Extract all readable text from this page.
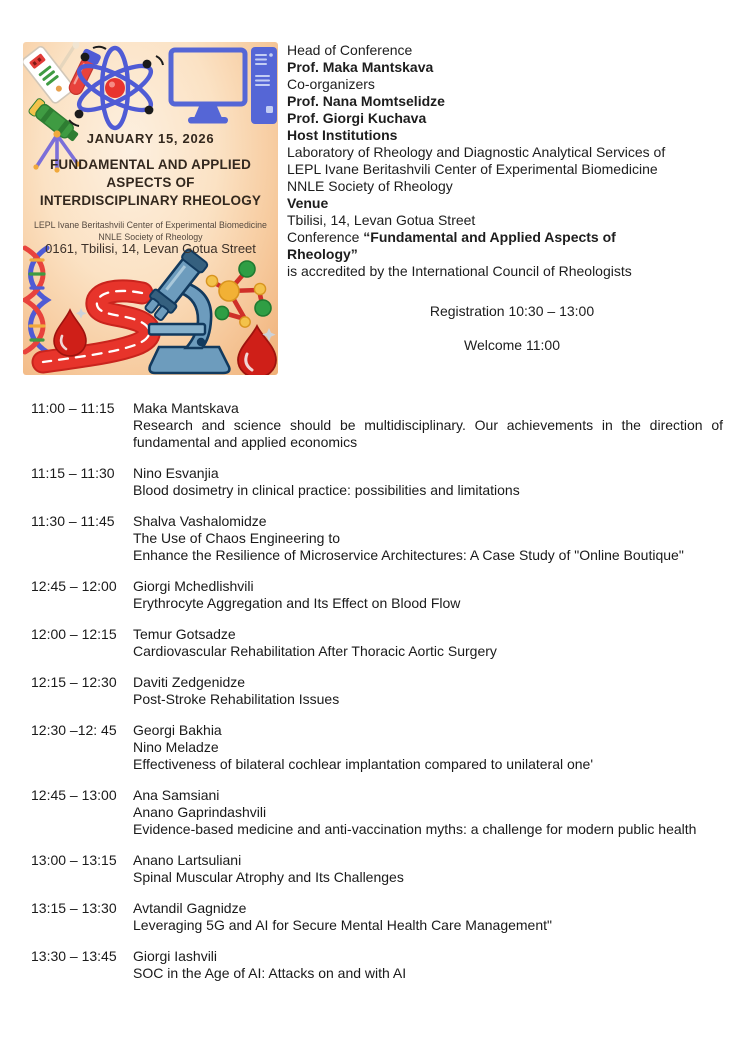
JANUARY 15, 2026
FUNDAMENTAL AND APPLIED
ASPECTS OF
INTERDISCIPLINARY RHEOLOGY
LEPL Ivane Beritashvili Center of Experimental Biomedicine
NNLE Society of Rheology
0161, Tbilisi, 14, Levan Gotua Street
Head of Conference
Prof. Maka Mantskava
Co-organizers
Prof. Nana Momtselidze
Prof. Giorgi Kuchava
Host Institutions
Laboratory of Rheology and Diagnostic Analytical Services of
LEPL Ivane Beritashvili Center of Experimental Biomedicine
NNLE Society of Rheology
Venue
Tbilisi, 14, Levan Gotua Street
Conference “Fundamental and Applied Aspects of
Rheology”
is accredited by the International Council of Rheologists
Registration 10:30 – 13:00
Welcome 11:00
11:00 – 11:15	Maka Mantskava
Research and science should be multidisciplinary. Our achievements in the direction of fundamental and applied economics
11:15 – 11:30	Nino Esvanjia
Blood dosimetry in clinical practice: possibilities and limitations
11:30 – 11:45	Shalva Vashalomidze
The Use of Chaos Engineering to
Enhance the Resilience of Microservice Architectures: A Case Study of "Online Boutique"
12:45 – 12:00	Giorgi Mchedlishvili
Erythrocyte Aggregation and Its Effect on Blood Flow
12:00 – 12:15	Temur Gotsadze
Cardiovascular Rehabilitation After Thoracic Aortic Surgery
12:15 – 12:30	Daviti Zedgenidze
Post-Stroke Rehabilitation Issues
12:30 –12: 45	Georgi Bakhia
Nino Meladze
Effectiveness of bilateral cochlear implantation compared to unilateral one'
12:45 – 13:00	Ana Samsiani
Anano Gaprindashvili
Evidence-based medicine and anti-vaccination myths: a challenge for modern public health
13:00 – 13:15	Anano Lartsuliani
Spinal Muscular Atrophy and Its Challenges
13:15 – 13:30	Avtandil Gagnidze
Leveraging 5G and AI for Secure Mental Health Care Management"
13:30 – 13:45	Giorgi Iashvili
SOC in the Age of AI: Attacks on and with AI
